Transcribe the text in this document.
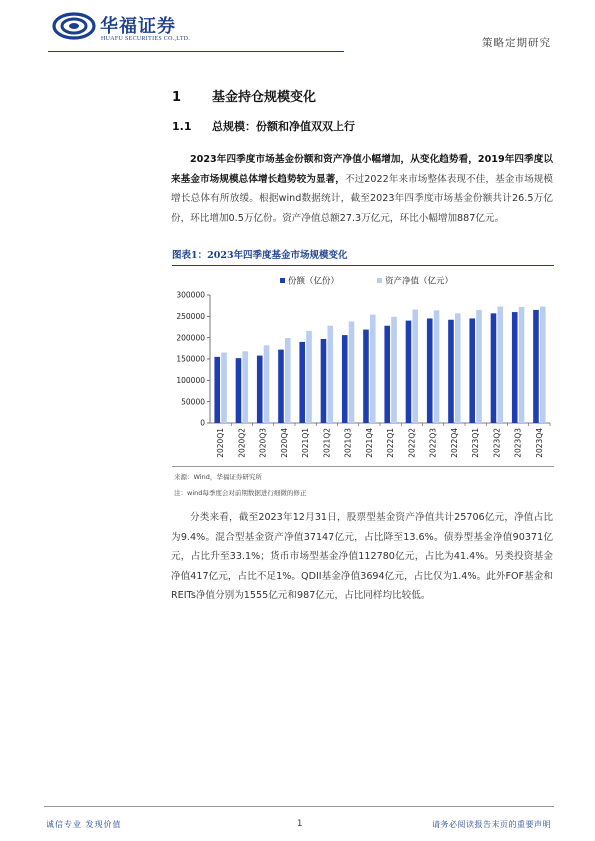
华福证券
HUAFU SECURITIES CO.,LTD.	策略定期研究
1 基金持仓规模变化
1.1 总规模：份额和净值双双上行

2023年四季度市场基金份额和资产净值小幅增加，从变化趋势看，2019年四季度以来基金市场规模总体增长趋势较为显著，不过2022年来市场整体表现不佳，基金市场规模增长总体有所放缓。根据wind数据统计，截至2023年四季度市场基金份额共计26.5万亿份，环比增加0.5万亿份。资产净值总额27.3万亿元，环比小幅增加887亿元。

图表1：2023年四季度基金市场规模变化
份额（亿份）	资产净值（亿元）
300000
250000
200000
150000
100000
50000
0
2020Q1 2020Q2 2020Q3 2020Q4 2021Q1 2021Q2 2021Q3 2021Q4 2022Q1 2022Q2 2022Q3 2022Q4 2023Q1 2023Q2 2023Q3 2023Q4
来源：Wind，华福证券研究所
注：wind每季度会对前期数据进行细微的修正

分类来看，截至2023年12月31日，股票型基金资产净值共计25706亿元，净值占比为9.4%。混合型基金资产净值37147亿元，占比降至13.6%。债券型基金净值90371亿元，占比升至33.1%；货币市场型基金净值112780亿元，占比为41.4%。另类投资基金净值417亿元，占比不足1%。QDII基金净值3694亿元，占比仅为1.4%。此外FOF基金和REITs净值分别为1555亿元和987亿元，占比同样均比较低。

诚信专业 发现价值	1	请务必阅读报告末页的重要声明
